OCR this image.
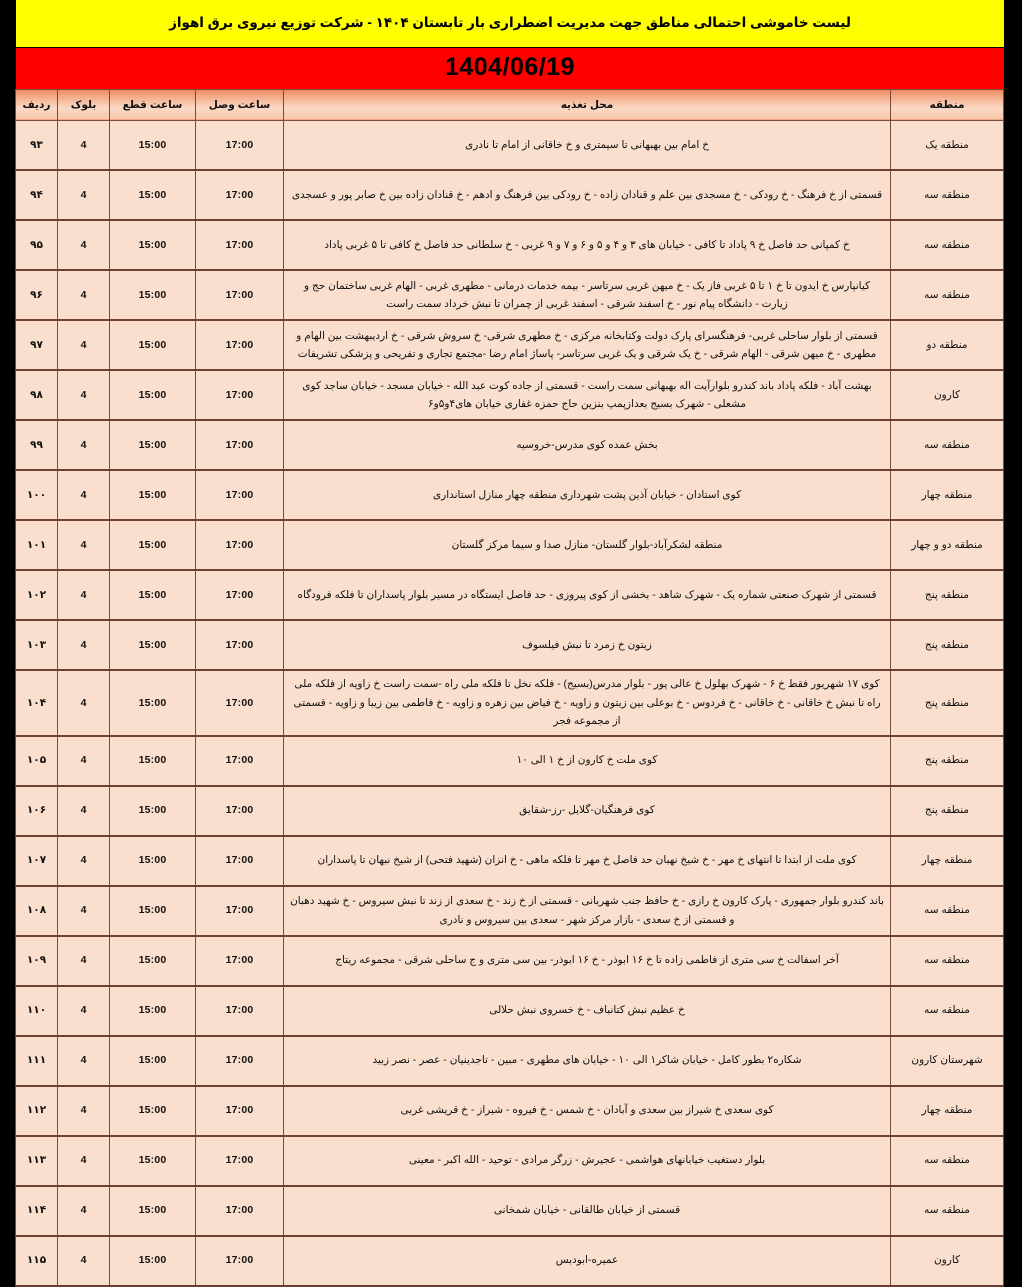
لیست خاموشی احتمالی مناطق جهت مدیریت اضطراری بار تابستان ۱۴۰۴ - شرکت توزیع نیروی برق اهواز
1404/06/19
منطقه	محل تغذیه	ساعت وصل	ساعت قطع	بلوک	ردیف
منطقه یک	خ امام بین بهبهانی تا سیمتری و خ خاقانی از امام تا نادری	17:00	15:00	4	۹۳
منطقه سه	قسمتی از خ فرهنگ - خ رودکی - خ مسجدی بین علم و قنادان زاده - خ رودکی بین فرهنگ و ادهم - خ قنادان زاده بین خ صابر پور و عسجدی	17:00	15:00	4	۹۴
منطقه سه	خ کمپانی حد فاصل خ ۹ پاداد تا کافی - خیابان های ۳ و ۴ و ۵ و ۶ و ۷ و ۹ غربی - خ سلطانی حد فاصل خ کافی تا ۵ غربی پاداد	17:00	15:00	4	۹۵
منطقه سه	کیانپارس خ ایدون تا خ ۱ تا ۵ غربی فاز یک - خ میهن غربی سرتاسر - بیمه خدمات درمانی - مطهری غربی - الهام غربی ساختمان حج و زیارت - دانشگاه پیام نور - خ اسفند شرقی - اسفند غربی از چمران تا نبش خرداد سمت راست	17:00	15:00	4	۹۶
منطقه دو	قسمتی از بلوار ساحلی غربی- فرهنگسرای پارک دولت وکتابخانه مرکزی - خ مطهری شرقی- خ سروش شرقی - خ اردیبهشت بین الهام و مطهری - خ میهن شرقی - الهام شرقی - خ یک شرقی و یک غربی سرتاسر- پاساژ امام رضا -مجتمع تجاری و تفریحی و پزشکی تشریفات	17:00	15:00	4	۹۷
کارون	بهشت آباد - فلکه پاداد باند کندرو بلوارآیت اله بهبهانی سمت راست - قسمتی از جاده کوت عبد الله - خیابان مسجد - خیابان ساجد کوی مشعلی - شهرک بسیج بعدازپمپ بنزین حاج حمزه غفاری خیابان های۴و۵و۶	17:00	15:00	4	۹۸
منطقه سه	بخش عمده کوی مدرس-خروسیه	17:00	15:00	4	۹۹
منطقه چهار	کوی استادان - خیابان آذین پشت شهرداری منطقه چهار منازل استانداری	17:00	15:00	4	۱۰۰
منطقه دو و چهار	منطقه لشکرآباد-بلوار گلستان- منازل صدا و سیما مرکز گلستان	17:00	15:00	4	۱۰۱
منطقه پنج	قسمتی از شهرک صنعتی شماره یک - شهرک شاهد - بخشی از کوی پیروزی - حد فاصل ایستگاه در مسیر بلوار پاسداران تا فلکه فرودگاه	17:00	15:00	4	۱۰۲
منطقه پنج	زیتون خ زمرد تا نبش فیلسوف	17:00	15:00	4	۱۰۳
منطقه پنج	کوی ۱۷ شهریور فقط خ ۶ - شهرک بهلول خ عالی پور - بلوار مدرس(بسیج) - فلکه نخل تا فلکه ملی راه -سمت راست خ زاویه از فلکه ملی راه تا نبش خ خاقانی - خ خاقانی - خ فردوس - خ بوعلی بین زیتون و زاویه - خ فیاض بین زهره و زاویه - خ فاطمی بین زیبا و زاویه - قسمتی از مجموعه فجر	17:00	15:00	4	۱۰۴
منطقه پنج	کوی ملت خ کارون از خ ۱ الی ۱۰	17:00	15:00	4	۱۰۵
منطقه پنج	کوی فرهنگیان-گلایل -رز-شقایق	17:00	15:00	4	۱۰۶
منطقه چهار	کوی ملت از ابتدا تا انتهای خ مهر - خ شیخ نهبان حد فاصل خ مهر تا فلکه ماهی - خ انزان (شهید فتحی) از شیخ نبهان تا پاسداران	17:00	15:00	4	۱۰۷
منطقه سه	باند کندرو بلوار جمهوری - پارک کارون خ رازی - خ حافظ جنب شهربانی - قسمتی از خ زند - خ سعدی از زند تا نبش سیروس - خ شهید دهبان و قسمتی از خ سعدی - بازار مرکز شهر - سعدی بین سیروس و نادری	17:00	15:00	4	۱۰۸
منطقه سه	آخر اسفالت خ سی متری از فاطمی زاده تا خ ۱۶ ابوذر - خ ۱۶ ابوذر- بین سی متری و ج ساحلی شرقی - مجموعه ریتاج	17:00	15:00	4	۱۰۹
منطقه سه	خ عظیم نبش کتانباف - خ خسروی نبش حلالی	17:00	15:00	4	۱۱۰
شهرستان کارون	شکاره۲ بطور کامل - خیابان شاکر۱ الی ۱۰ - خیابان های مطهری - مبین - تاجدینیان - عصر - نصر زبید	17:00	15:00	4	۱۱۱
منطقه چهار	کوی سعدی خ شیراز بین سعدی و آبادان - خ شمس - خ فیروه - شیراز - خ قریشی غربی	17:00	15:00	4	۱۱۲
منطقه سه	بلوار دستغیب خیابانهای هواشمی - عجیرش - زرگر مرادی - توحید - الله اکبر - معینی	17:00	15:00	4	۱۱۳
منطقه سه	قسمتی از خیابان طالقانی - خیابان شمخانی	17:00	15:00	4	۱۱۴
کارون	عمیره-ابودبس	17:00	15:00	4	۱۱۵
